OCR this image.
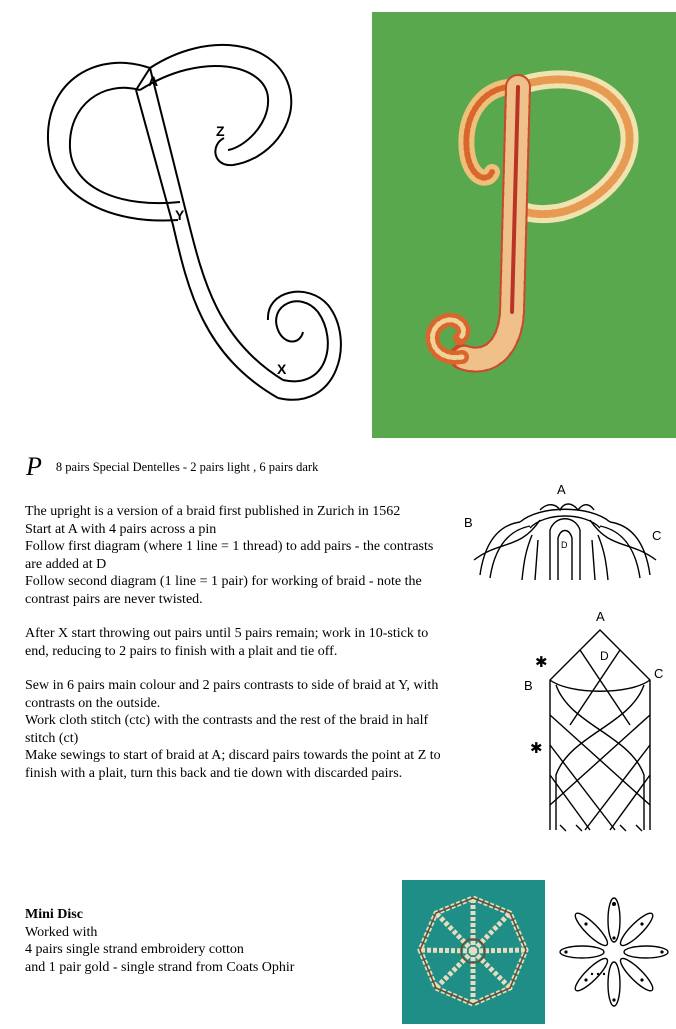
A
Z
Y
X
P 8 pairs Special Dentelles - 2 pairs light , 6 pairs dark

The upright is a version of a braid first published in Zurich in 1562

Start at A with 4 pairs across a pin

Follow first diagram (where 1 line = 1 thread) to add pairs - the contrasts are added at D

Follow second diagram (1 line = 1 pair) for working of braid - note the contrast pairs are never twisted.

After X start throwing out pairs until 5 pairs remain; work in 10-stick to end, reducing to 2 pairs to finish with a plait and tie off.

Sew in 6 pairs main colour and 2 pairs contrasts to side of braid at Y, with contrasts on the outside.

Work cloth stitch (ctc) with the contrasts and the rest of the braid in half stitch (ct)

Make sewings to start of braid at A; discard pairs towards the point at Z to finish with a plait, turn this back and tie down with discarded pairs.

A
B
C
D
A
B
C
D
✱
✱
Mini Disc
Worked with
4 pairs single strand embroidery cotton
and 1 pair gold - single strand from Coats Ophir
